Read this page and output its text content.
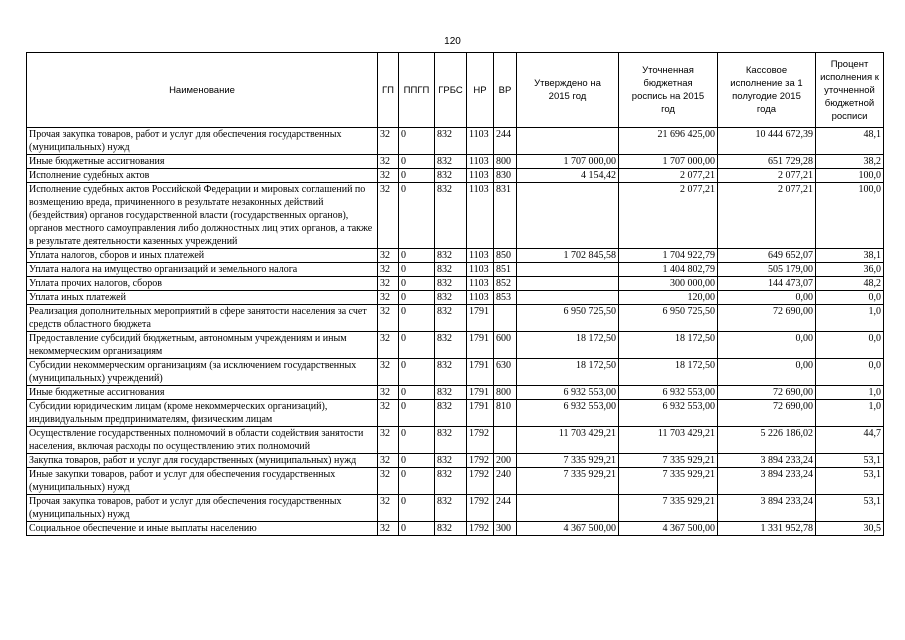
120
Наименование	ГП	ППГП	ГРБС	НР	ВР	Утверждено на 2015 год	Уточненная бюджетная роспись на 2015 год	Кассовое исполнение за 1 полугодие 2015 года	Процент исполнения к уточненной бюджетной росписи
Прочая закупка товаров, работ и услуг для обеспечения государственных (муниципальных) нужд	32	0	832	1103	244		21 696 425,00	10 444 672,39	48,1
Иные бюджетные ассигнования	32	0	832	1103	800	1 707 000,00	1 707 000,00	651 729,28	38,2
Исполнение судебных актов	32	0	832	1103	830	4 154,42	2 077,21	2 077,21	100,0
Исполнение судебных актов Российской Федерации и мировых соглашений по возмещению вреда, причиненного в результате незаконных действий (бездействия) органов государственной власти (государственных органов), органов местного самоуправления либо должностных лиц этих органов, а также в результате деятельности казенных учреждений	32	0	832	1103	831		2 077,21	2 077,21	100,0
Уплата налогов, сборов и иных платежей	32	0	832	1103	850	1 702 845,58	1 704 922,79	649 652,07	38,1
Уплата налога на имущество организаций и земельного налога	32	0	832	1103	851		1 404 802,79	505 179,00	36,0
Уплата прочих налогов, сборов	32	0	832	1103	852		300 000,00	144 473,07	48,2
Уплата иных платежей	32	0	832	1103	853		120,00	0,00	0,0
Реализация дополнительных мероприятий в сфере занятости населения за счет средств областного бюджета	32	0	832	1791		6 950 725,50	6 950 725,50	72 690,00	1,0
Предоставление субсидий бюджетным, автономным учреждениям и иным некоммерческим организациям	32	0	832	1791	600	18 172,50	18 172,50	0,00	0,0
Субсидии некоммерческим организациям (за исключением государственных (муниципальных) учреждений)	32	0	832	1791	630	18 172,50	18 172,50	0,00	0,0
Иные бюджетные ассигнования	32	0	832	1791	800	6 932 553,00	6 932 553,00	72 690,00	1,0
Субсидии юридическим лицам (кроме некоммерческих организаций), индивидуальным предпринимателям, физическим лицам	32	0	832	1791	810	6 932 553,00	6 932 553,00	72 690,00	1,0
Осуществление государственных полномочий в области содействия занятости населения, включая расходы по осуществлению этих полномочий	32	0	832	1792		11 703 429,21	11 703 429,21	5 226 186,02	44,7
Закупка товаров, работ и услуг для государственных (муниципальных) нужд	32	0	832	1792	200	7 335 929,21	7 335 929,21	3 894 233,24	53,1
Иные закупки товаров, работ и услуг для обеспечения государственных (муниципальных) нужд	32	0	832	1792	240	7 335 929,21	7 335 929,21	3 894 233,24	53,1
Прочая закупка товаров, работ и услуг для обеспечения государственных (муниципальных) нужд	32	0	832	1792	244		7 335 929,21	3 894 233,24	53,1
Социальное обеспечение и иные выплаты населению	32	0	832	1792	300	4 367 500,00	4 367 500,00	1 331 952,78	30,5
